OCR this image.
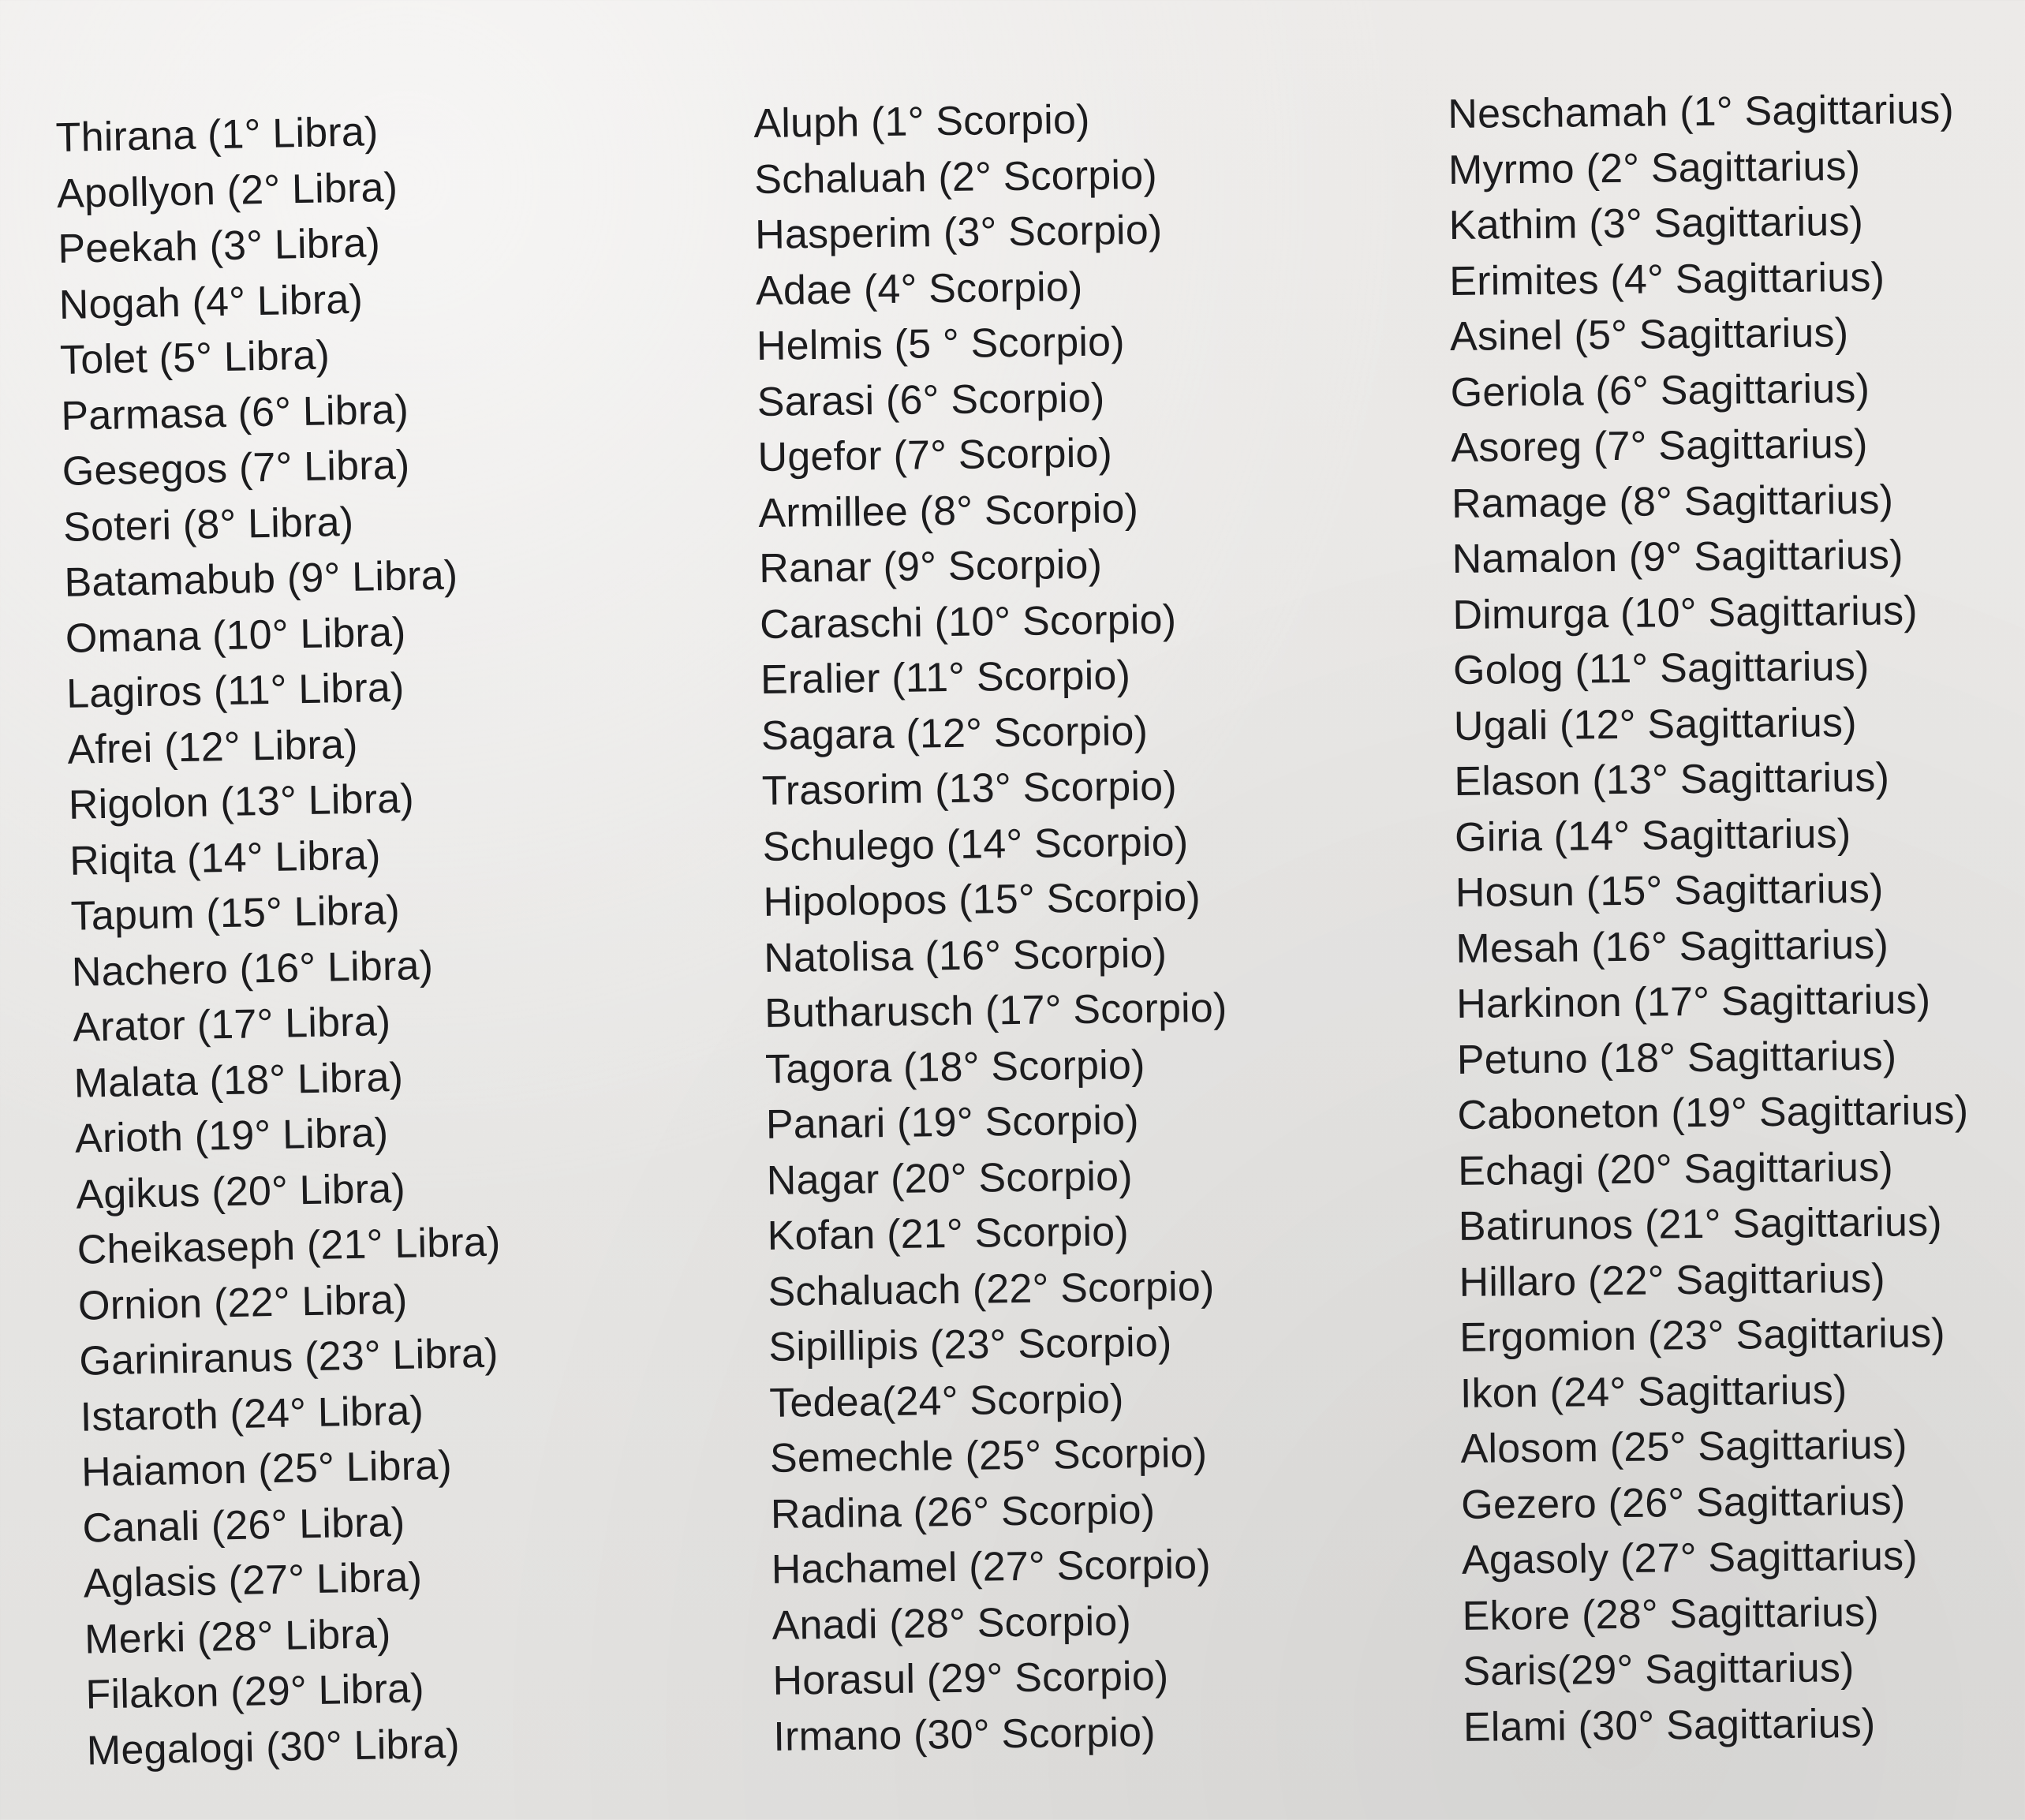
Thirana (1° Libra)
Apollyon (2° Libra)
Peekah (3° Libra)
Nogah (4° Libra)
Tolet (5° Libra)
Parmasa (6° Libra)
Gesegos (7° Libra)
Soteri (8° Libra)
Batamabub (9° Libra)
Omana (10° Libra)
Lagiros (11° Libra)
Afrei (12° Libra)
Rigolon (13° Libra)
Riqita (14° Libra)
Tapum (15° Libra)
Nachero (16° Libra)
Arator (17° Libra)
Malata (18° Libra)
Arioth (19° Libra)
Agikus (20° Libra)
Cheikaseph (21° Libra)
Ornion (22° Libra)
Gariniranus (23° Libra)
Istaroth (24° Libra)
Haiamon (25° Libra)
Canali (26° Libra)
Aglasis (27° Libra)
Merki (28° Libra)
Filakon (29° Libra)
Megalogi (30° Libra)
Aluph (1° Scorpio)
Schaluah (2° Scorpio)
Hasperim (3° Scorpio)
Adae (4° Scorpio)
Helmis (5 ° Scorpio)
Sarasi (6° Scorpio)
Ugefor (7° Scorpio)
Armillee (8° Scorpio)
Ranar (9° Scorpio)
Caraschi (10° Scorpio)
Eralier (11° Scorpio)
Sagara (12° Scorpio)
Trasorim (13° Scorpio)
Schulego (14° Scorpio)
Hipolopos (15° Scorpio)
Natolisa (16° Scorpio)
Butharusch (17° Scorpio)
Tagora (18° Scorpio)
Panari (19° Scorpio)
Nagar (20° Scorpio)
Kofan (21° Scorpio)
Schaluach (22° Scorpio)
Sipillipis (23° Scorpio)
Tedea(24° Scorpio)
Semechle (25° Scorpio)
Radina (26° Scorpio)
Hachamel (27° Scorpio)
Anadi (28° Scorpio)
Horasul (29° Scorpio)
Irmano (30° Scorpio)
Neschamah (1° Sagittarius)
Myrmo (2° Sagittarius)
Kathim (3° Sagittarius)
Erimites (4° Sagittarius)
Asinel (5° Sagittarius)
Geriola (6° Sagittarius)
Asoreg (7° Sagittarius)
Ramage (8° Sagittarius)
Namalon (9° Sagittarius)
Dimurga (10° Sagittarius)
Golog (11° Sagittarius)
Ugali (12° Sagittarius)
Elason (13° Sagittarius)
Giria (14° Sagittarius)
Hosun (15° Sagittarius)
Mesah (16° Sagittarius)
Harkinon (17° Sagittarius)
Petuno (18° Sagittarius)
Caboneton (19° Sagittarius)
Echagi (20° Sagittarius)
Batirunos (21° Sagittarius)
Hillaro (22° Sagittarius)
Ergomion (23° Sagittarius)
Ikon (24° Sagittarius)
Alosom (25° Sagittarius)
Gezero (26° Sagittarius)
Agasoly (27° Sagittarius)
Ekore (28° Sagittarius)
Saris(29° Sagittarius)
Elami (30° Sagittarius)
